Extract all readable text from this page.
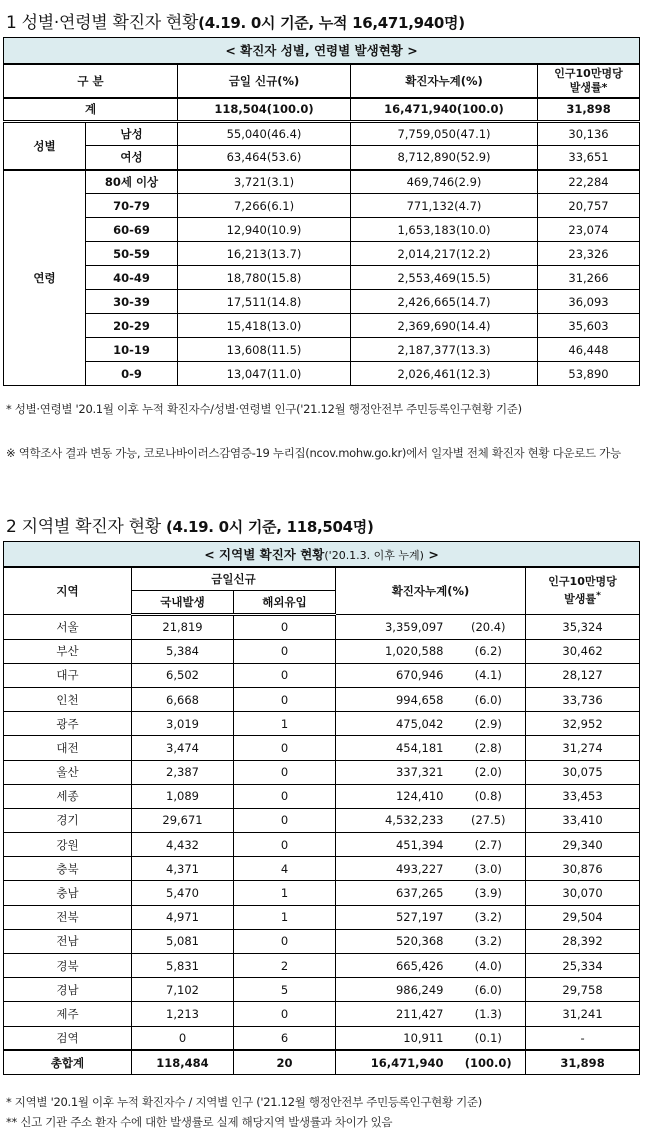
1 성별·연령별 확진자 현황(4.19. 0시 기준, 누적 16,471,940명)
< 확진자 성별, 연령별 발생현황 >				
구 분		금일 신규(%)	확진자누계(%)	인구10만명당
발생률*

계		118,504(100.0)	16,471,940(100.0)	31,898
성별	남성	55,040(46.4)	7,759,050(47.1)	30,136
	여성	63,464(53.6)	8,712,890(52.9)	33,651
연령	80세 이상	3,721(3.1)	469,746(2.9)	22,284
	70-79	7,266(6.1)	771,132(4.7)	20,757
	60-69	12,940(10.9)	1,653,183(10.0)	23,074
	50-59	16,213(13.7)	2,014,217(12.2)	23,326
	40-49	18,780(15.8)	2,553,469(15.5)	31,266
	30-39	17,511(14.8)	2,426,665(14.7)	36,093
	20-29	15,418(13.0)	2,369,690(14.4)	35,603
	10-19	13,608(11.5)	2,187,377(13.3)	46,448
	0-9	13,047(11.0)	2,026,461(12.3)	53,890
* 성별·연령별 '20.1월 이후 누적 확진자수/성별·연령별 인구('21.12월 행정안전부 주민등록인구현황 기준)
※ 역학조사 결과 변동 가능, 코로나바이러스감염증-19 누리집(ncov.mohw.go.kr)에서 일자별 전체 확진자 현황 다운로드 가능
2 지역별 확진자 현황 (4.19. 0시 기준, 118,504명)
< 지역별 확진자 현황('20.1.3. 이후 누계) >					
지역	금일신규		확진자누계(%)		인구10만명당
발생률*

	국내발생	해외유입			
서울	21,819	0	3,359,097	(20.4)	35,324
부산	5,384	0	1,020,588	(6.2)	30,462
대구	6,502	0	670,946	(4.1)	28,127
인천	6,668	0	994,658	(6.0)	33,736
광주	3,019	1	475,042	(2.9)	32,952
대전	3,474	0	454,181	(2.8)	31,274
울산	2,387	0	337,321	(2.0)	30,075
세종	1,089	0	124,410	(0.8)	33,453
경기	29,671	0	4,532,233	(27.5)	33,410
강원	4,432	0	451,394	(2.7)	29,340
충북	4,371	4	493,227	(3.0)	30,876
충남	5,470	1	637,265	(3.9)	30,070
전북	4,971	1	527,197	(3.2)	29,504
전남	5,081	0	520,368	(3.2)	28,392
경북	5,831	2	665,426	(4.0)	25,334
경남	7,102	5	986,249	(6.0)	29,758
제주	1,213	0	211,427	(1.3)	31,241
검역	0	6	10,911	(0.1)	-
총합계	118,484	20	16,471,940	(100.0)	31,898
* 지역별 '20.1월 이후 누적 확진자수 / 지역별 인구 ('21.12월 행정안전부 주민등록인구현황 기준)
** 신고 기관 주소 환자 수에 대한 발생률로 실제 해당지역 발생률과 차이가 있음
